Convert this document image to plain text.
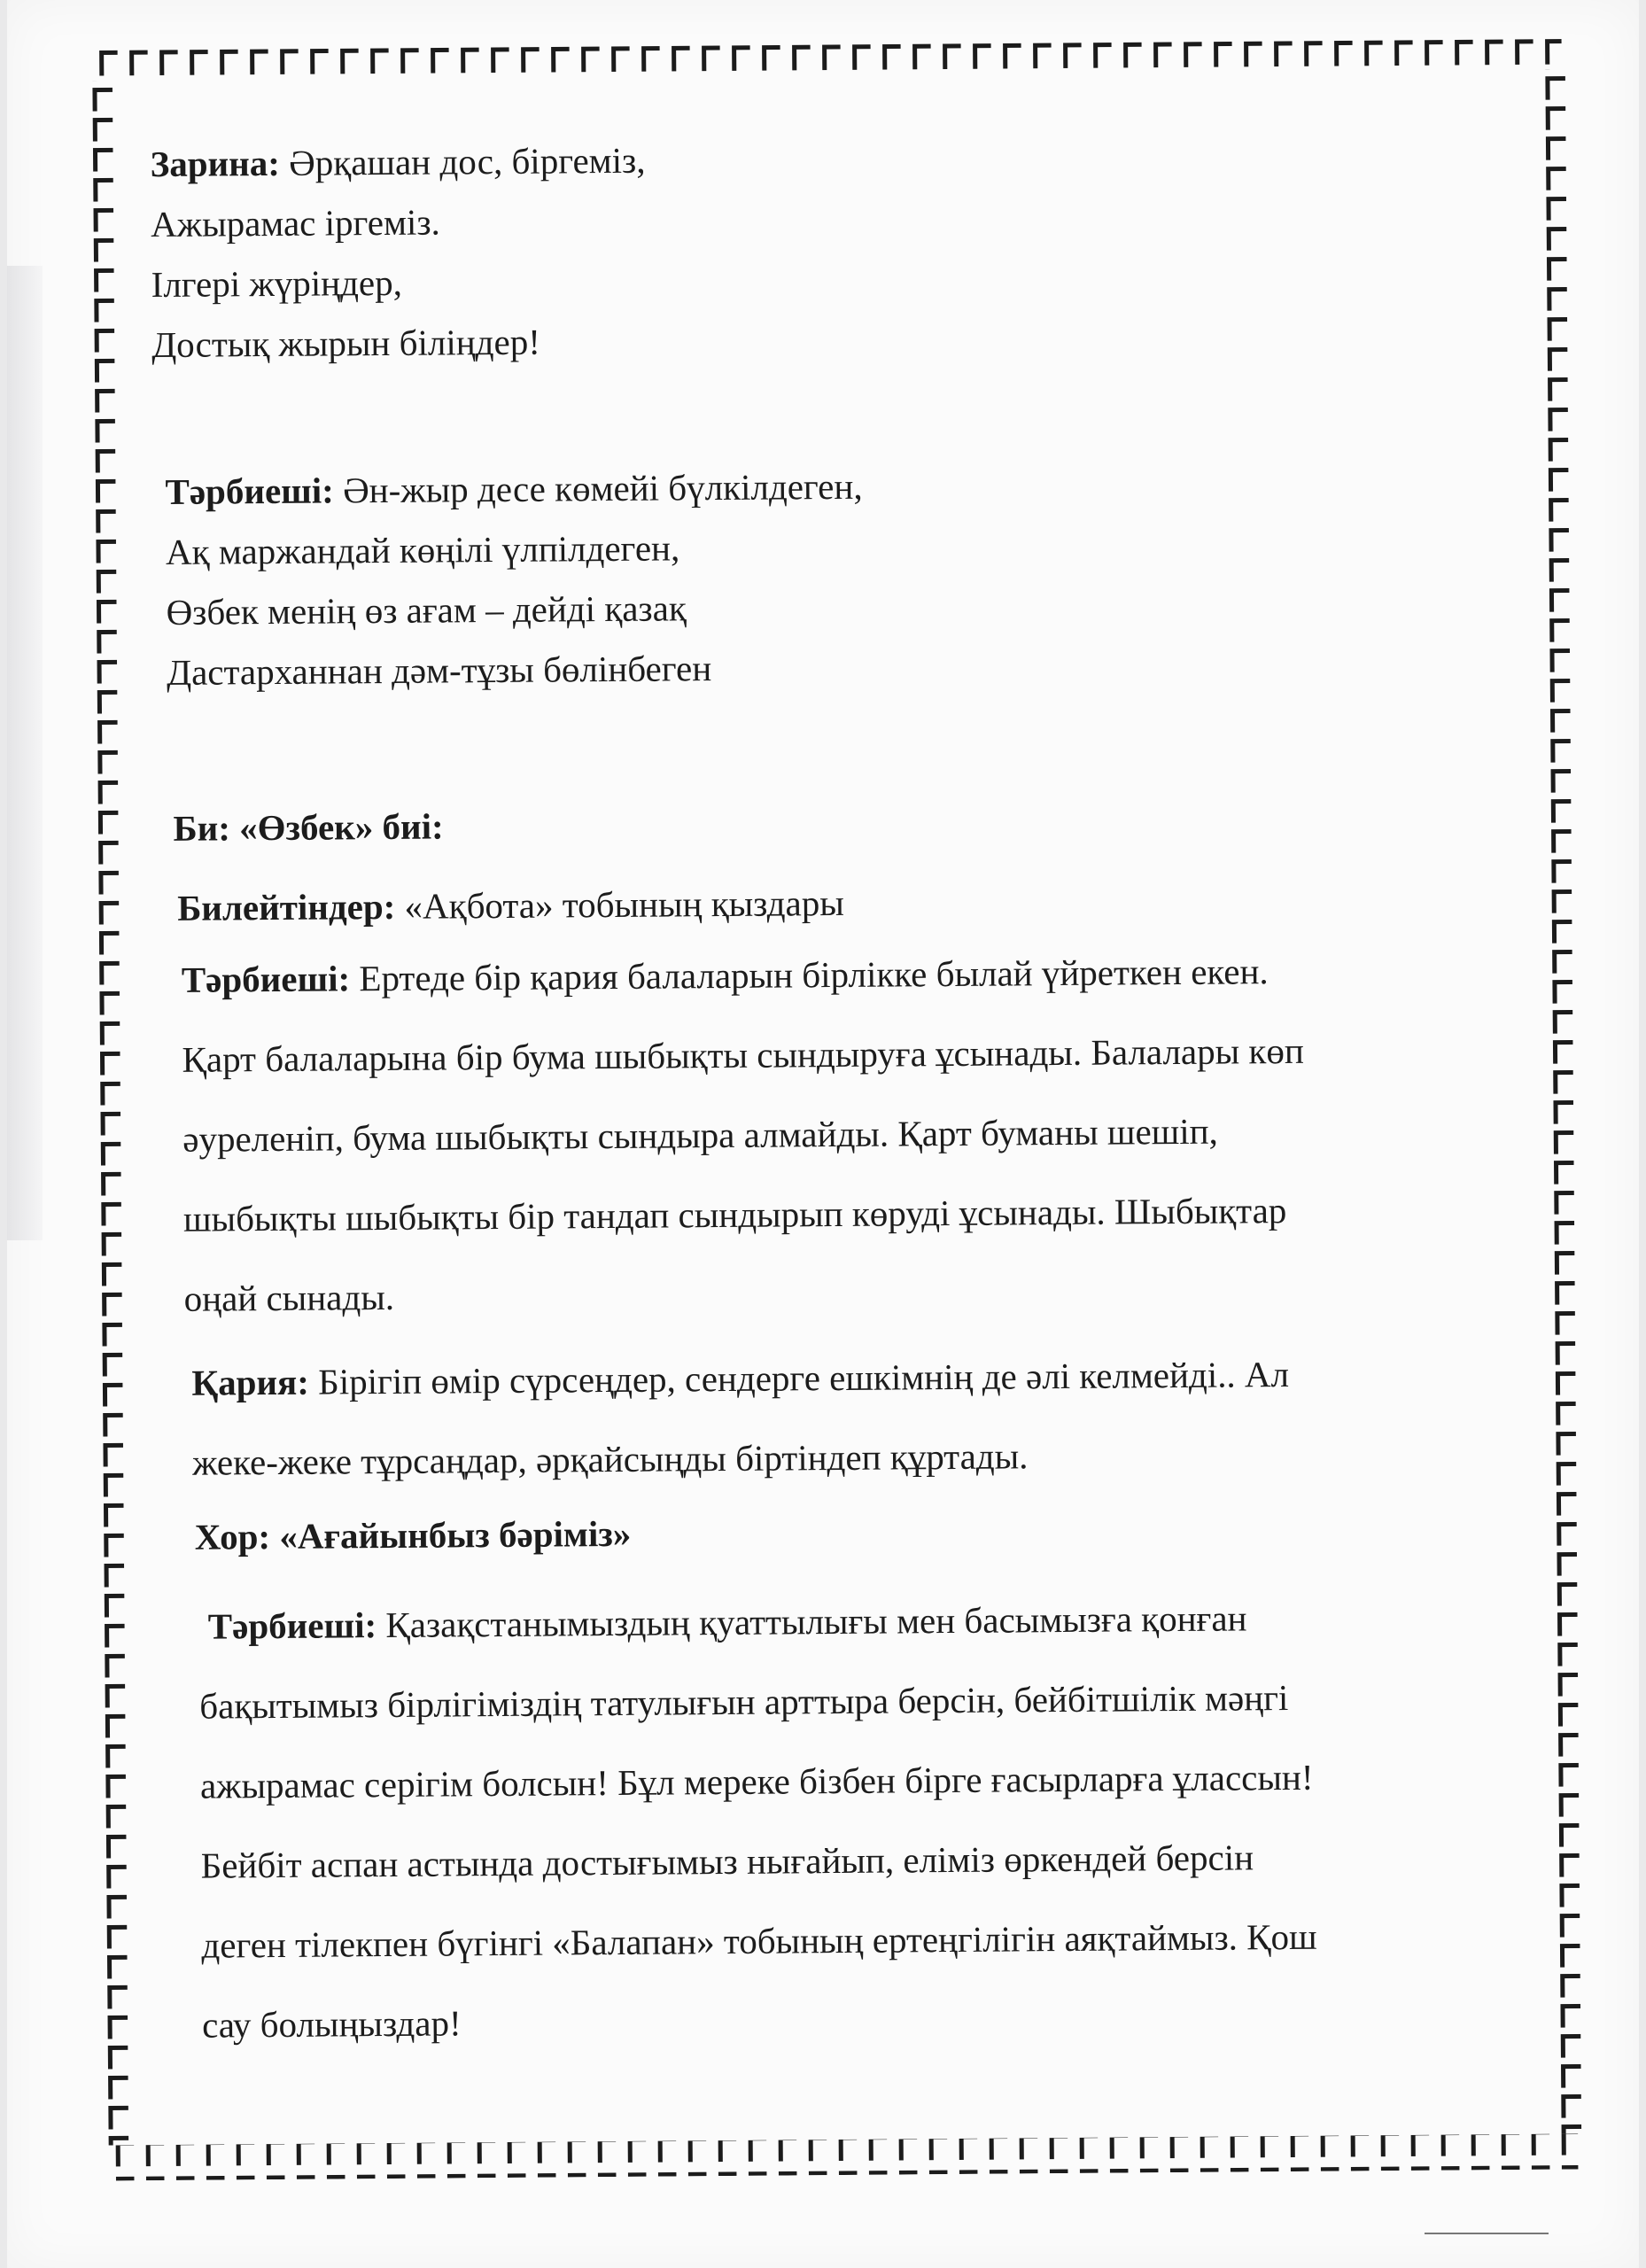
Зарина: Әрқашан дос, біргеміз,

Ажырамас іргеміз.

Ілгері жүріңдер,

Достық жырын біліңдер!

Тәрбиеші: Ән-жыр десе көмейі бүлкілдеген,

Ақ маржандай көңілі үлпілдеген,

Өзбек менің өз ағам – дейді қазақ

Дастарханнан дәм-тұзы бөлінбеген

Би: «Өзбек» биі:
Билейтіндер: «Ақбота» тобының қыздары

Тәрбиеші: Ертеде бір қария балаларын бірлікке былай үйреткен екен.

Қарт балаларына бір бума шыбықты сындыруға ұсынады. Балалары көп

әуреленіп, бума шыбықты сындыра алмайды. Қарт буманы шешіп,

шыбықты шыбықты бір тандап сындырып көруді ұсынады. Шыбықтар

оңай сынады.

Қария: Бірігіп өмір сүрсеңдер, сендерге ешкімнің де әлі келмейді.. Ал

жеке-жеке тұрсаңдар, әрқайсыңды біртіндеп құртады.

Хор: «Ағайынбыз бәріміз»

Тәрбиеші: Қазақстанымыздың қуаттылығы мен басымызға қонған

бақытымыз бірлігіміздің татулығын арттыра берсін, бейбітшілік мәңгі

ажырамас серігім болсын! Бұл мереке бізбен бірге ғасырларға ұлассын!

Бейбіт аспан астында достығымыз нығайып, еліміз өркендей берсін

деген тілекпен бүгінгі «Балапан» тобының ертеңгілігін аяқтаймыз. Қош

сау болыңыздар!
